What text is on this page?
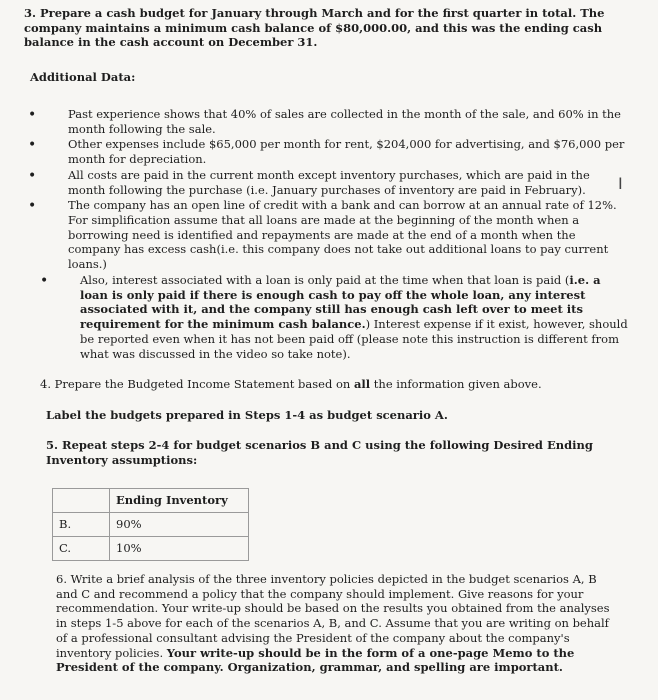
3. Prepare a cash budget for January through March and for the first quarter in total. The company maintains a minimum cash balance of $80,000.00, and this was the ending cash balance in the cash account on December 31.
Additional Data:
•	Past experience shows that 40% of sales are collected in the month of the sale, and 60% in the month following the sale.
•	Other expenses include $65,000 per month for rent, $204,000 for advertising, and $76,000 per month for depreciation.
•	All costs are paid in the current month except inventory purchases, which are paid in the month following the purchase (i.e. January purchases of inventory are paid in February).
•	The company has an open line of credit with a bank and can borrow at an annual rate of 12%. For simplification assume that all loans are made at the beginning of the month when a borrowing need is identified and repayments are made at the end of a month when the company has excess cash(i.e. this company does not take out additional loans to pay current loans.)
•	Also, interest associated with a loan is only paid at the time when that loan is paid (i.e. a loan is only paid if there is enough cash to pay off the whole loan, any interest associated with it, and the company still has enough cash left over to meet its requirement for the minimum cash balance.) Interest expense if it exist, however, should be reported even when it has not been paid off (please note this instruction is different from what was discussed in the video so take note).
4. Prepare the Budgeted Income Statement based on all the information given above.
Label the budgets prepared in Steps 1-4 as budget scenario A.
5. Repeat steps 2-4 for budget scenarios B and C using the following Desired Ending Inventory assumptions:
	Ending Inventory
B.	90%
C.	10%
6. Write a brief analysis of the three inventory policies depicted in the budget scenarios A, B and C and recommend a policy that the company should implement. Give reasons for your recommendation. Your write-up should be based on the results you obtained from the analyses in steps 1-5 above for each of the scenarios A, B, and C. Assume that you are writing on behalf of a professional consultant advising the President of the company about the company's inventory policies. Your write-up should be in the form of a one-page Memo to the President of the company. Organization, grammar, and spelling are important.
I
